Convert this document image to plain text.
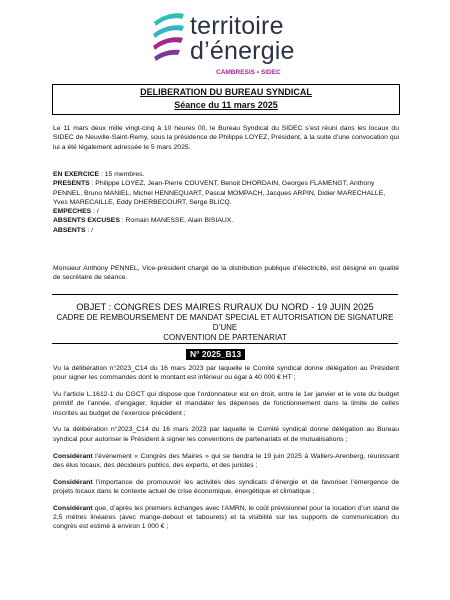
territoire
d’énergie
CAMBRESIS • SIDEC
DELIBERATION DU BUREAU SYNDICAL
Séance du 11 mars 2025
Le 11 mars deux mille vingt-cinq à 10 heures 00, le Bureau Syndical du SIDEC s’est réuni dans les locaux du SIDEC de Neuville-Saint-Remy, sous la présidence de Philippe LOYEZ, Président, à la suite d’une convocation qui lui a été légalement adressée le 5 mars 2025.
EN EXERCICE : 15 membres.
PRESENTS : Philippe LOYEZ, Jean-Pierre COUVENT, Benoit DHORDAIN, Georges FLAMENGT, Anthony
PENNEL, Bruno MANIEL, Michel HENNEQUART, Pascal MOMPACH, Jacques ARPIN, Didier MARECHALLE,
Yves MARECAILLE, Eddy DHERBECOURT, Serge BLICQ.
EMPECHES : /
ABSENTS EXCUSES : Romain MANESSE, Alain BISIAUX.
ABSENTS : /
Monsieur Anthony PENNEL, Vice-président chargé de la distribution publique d’électricité, est désigné en qualité de secrétaire de séance.
OBJET : CONGRES DES MAIRES RURAUX DU NORD - 19 JUIN 2025
CADRE DE REMBOURSEMENT DE MANDAT SPECIAL ET AUTORISATION DE SIGNATURE D’UNE
CONVENTION DE PARTENARIAT
N° 2025_B13

Vu la délibération n°2023_C14 du 16 mars 2023 par laquelle le Comité syndical donne délégation au Président pour signer les commandes dont le montant est inférieur ou égal à 40 000 € HT ;

Vu l’article L.1612-1 du CGCT qui dispose que l’ordonnateur est en droit, entre le 1er janvier et le vote du budget primitif de l’année, d’engager, liquider et mandater les dépenses de fonctionnement dans la limite de celles inscrites au budget de l’exercice précédent ;

Vu la délibération n°2023_C14 du 16 mars 2023 par laquelle le Comité syndical donne délégation au Bureau syndical pour autoriser le Président à signer les conventions de partenariats et de mutualisations ;

Considérant l’événement « Congrès des Maires » qui se tiendra le 19 juin 2025 à Wallers-Arenberg, réunissant des élus locaux, des décideurs publics, des experts, et des juristes ;

Considérant l’importance de promouvoir les activités des syndicats d’énergie et de favoriser l’émergence de projets locaux dans le contexte actuel de crise économique, énergétique et climatique ;

Considérant que, d’après les premiers échanges avec l’AMRN, le coût prévisionnel pour la location d’un stand de 2,5 mètres linéaires (avec mange-debout et tabourets) et la visibilité sur les supports de communication du congrès est estimé à environ 1 000 € ;
